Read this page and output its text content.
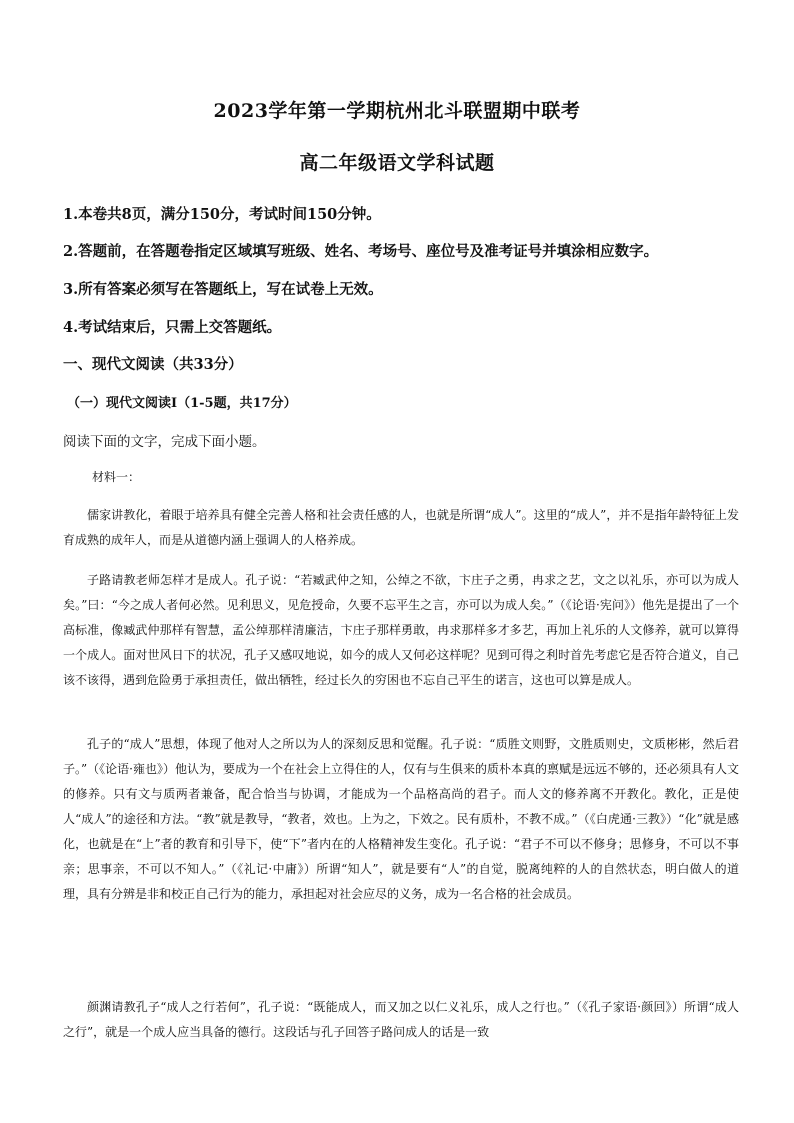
2023学年第一学期杭州北斗联盟期中联考
高二年级语文学科试题
1.本卷共8页，满分150分，考试时间150分钟。
2.答题前，在答题卷指定区域填写班级、姓名、考场号、座位号及准考证号并填涂相应数字。
3.所有答案必须写在答题纸上，写在试卷上无效。
4.考试结束后，只需上交答题纸。
一、现代文阅读（共33分）
（一）现代文阅读Ⅰ（1-5题，共17分）
阅读下面的文字，完成下面小题。
材料一：

儒家讲教化，着眼于培养具有健全完善人格和社会责任感的人，也就是所谓“成人”。这里的“成人”，并不是指年龄特征上发育成熟的成年人，而是从道德内涵上强调人的人格养成。

子路请教老师怎样才是成人。孔子说：“若臧武仲之知，公绰之不欲，卞庄子之勇，冉求之艺，文之以礼乐，亦可以为成人矣。”曰：“今之成人者何必然。见利思义，见危授命，久要不忘平生之言，亦可以为成人矣。”（《论语·宪问》）他先是提出了一个高标准，像臧武仲那样有智慧，孟公绰那样清廉洁，卞庄子那样勇敢，冉求那样多才多艺，再加上礼乐的人文修养，就可以算得一个成人。面对世风日下的状况，孔子又感叹地说，如今的成人又何必这样呢？见到可得之利时首先考虑它是否符合道义，自己该不该得，遇到危险勇于承担责任，做出牺牲，经过长久的穷困也不忘自己平生的诺言，这也可以算是成人。

孔子的“成人”思想，体现了他对人之所以为人的深刻反思和觉醒。孔子说：“质胜文则野，文胜质则史，文质彬彬，然后君子。”（《论语·雍也》）他认为，要成为一个在社会上立得住的人，仅有与生俱来的质朴本真的禀赋是远远不够的，还必须具有人文的修养。只有文与质两者兼备，配合恰当与协调，才能成为一个品格高尚的君子。而人文的修养离不开教化。教化，正是使人“成人”的途径和方法。“教”就是教导，“教者，效也。上为之，下效之。民有质朴，不教不成。”（《白虎通·三教》）“化”就是感化，也就是在“上”者的教育和引导下，使“下”者内在的人格精神发生变化。孔子说：“君子不可以不修身；思修身，不可以不事亲；思事亲，不可以不知人。”（《礼记·中庸》）所谓“知人”，就是要有“人”的自觉，脱离纯粹的人的自然状态，明白做人的道理，具有分辨是非和校正自己行为的能力，承担起对社会应尽的义务，成为一名合格的社会成员。

颜渊请教孔子“成人之行若何”，孔子说：“既能成人，而又加之以仁义礼乐，成人之行也。”（《孔子家语·颜回》）所谓“成人之行”，就是一个成人应当具备的德行。这段话与孔子回答子路问成人的话是一致
